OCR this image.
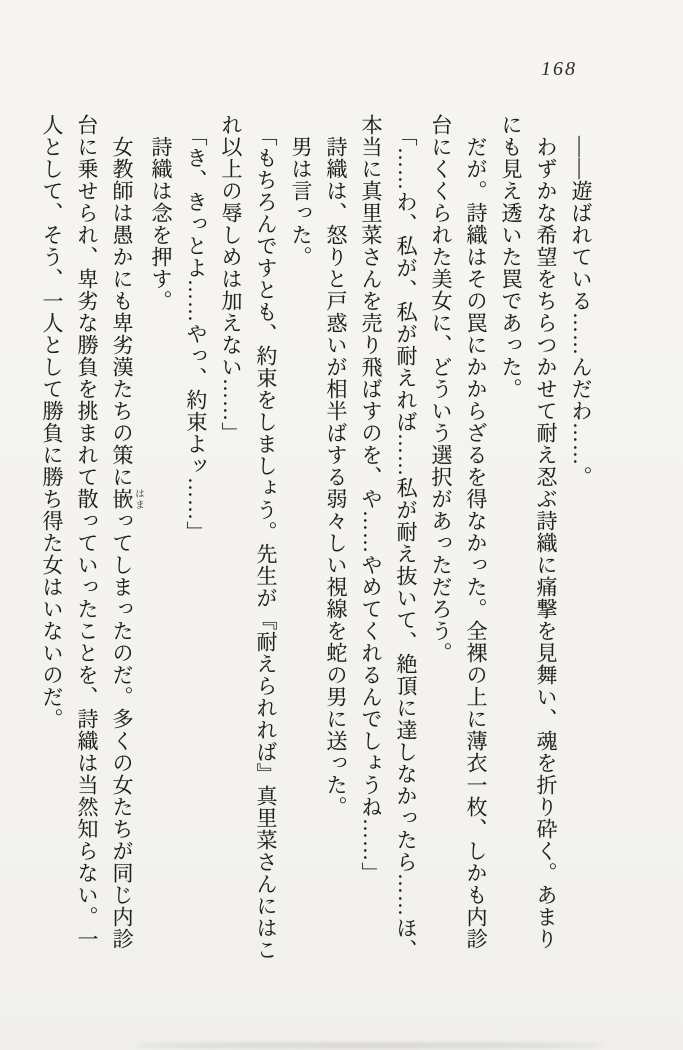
168
――遊ばれている……んだわ……。
わずかな希望をちらつかせて耐え忍ぶ詩織に痛撃を見舞い、魂を折り砕く。あまり
にも見え透いた罠であった。
だが。詩織はその罠にかからざるを得なかった。全裸の上に薄衣一枚、しかも内診
台にくくられた美女に、どういう選択があっただろう。
「……わ、私が、私が耐えれば……私が耐え抜いて、絶頂に達しなかったら……ほ、
本当に真里菜さんを売り飛ばすのを、や……やめてくれるんでしょうね……」
詩織は、怒りと戸惑いが相半ばする弱々しい視線を蛇の男に送った。
男は言った。
「もちろんですとも、約束をしましょう。先生が『耐えられれば』真里菜さんにはこ
れ以上の辱しめは加えない……」
「き、きっとよ……やっ、約束よッ……」
詩織は念を押す。
女教師は愚かにも卑劣漢たちの策に嵌 はまってしまったのだ。多くの女たちが同じ内診
台に乗せられ、卑劣な勝負を挑まれて散っていったことを、詩織は当然知らない。一
人として、そう、一人として勝負に勝ち得た女はいないのだ。
